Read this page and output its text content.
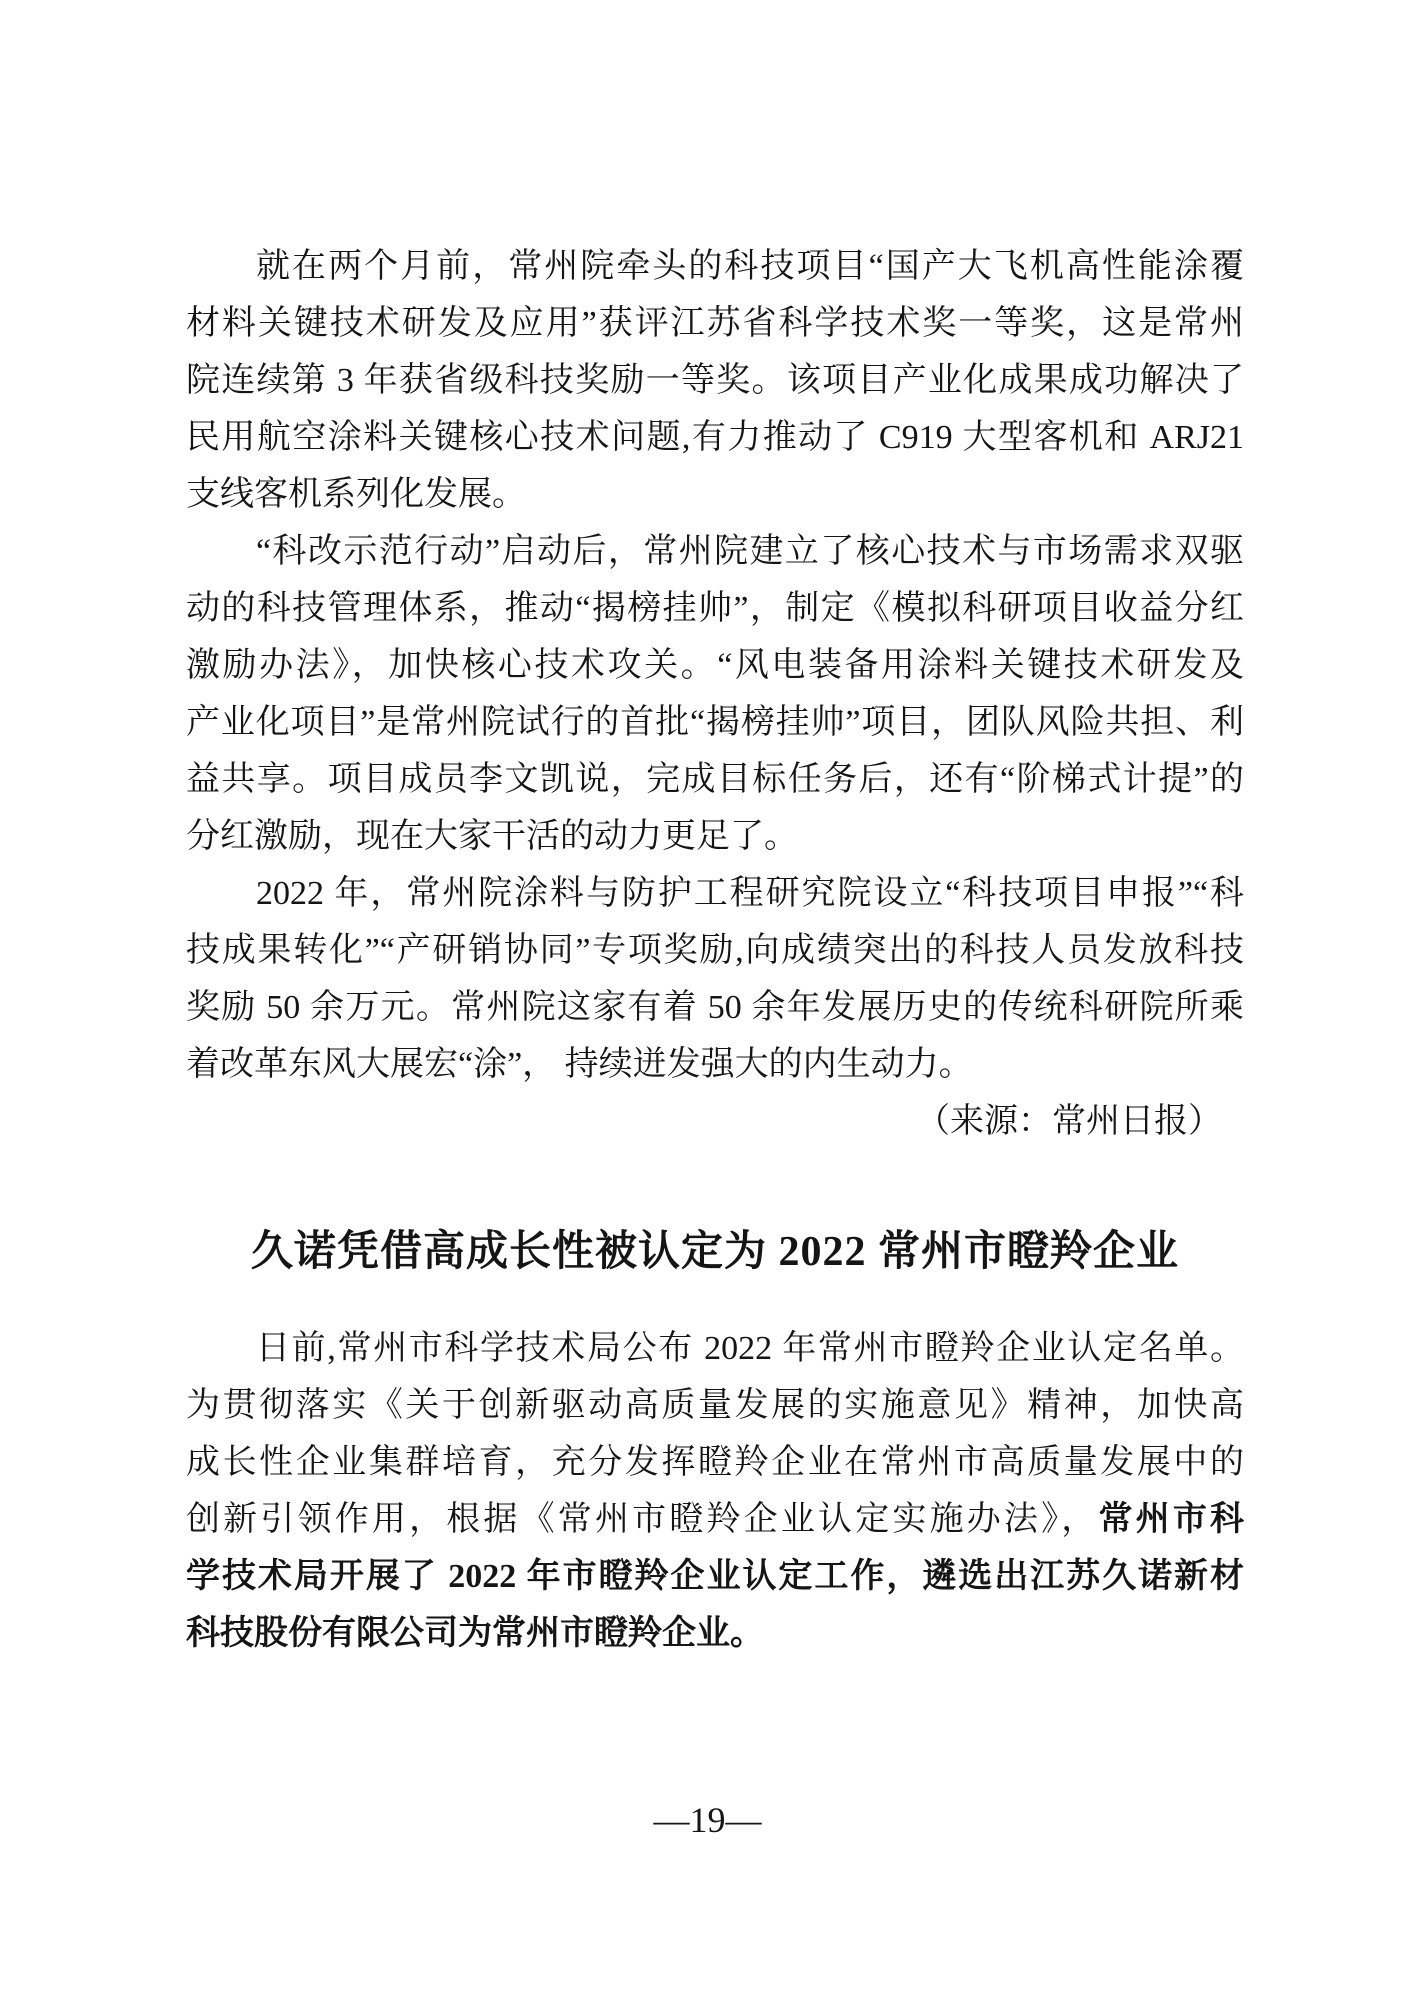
就在两个月前，常州院牵头的科技项目“国产大飞机高性能涂覆
材料关键技术研发及应用”获评江苏省科学技术奖一等奖，这是常州
院连续第 3 年获省级科技奖励一等奖。该项目产业化成果成功解决了
民用航空涂料关键核心技术问题,有力推动了 C919 大型客机和 ARJ21
支线客机系列化发展。
“科改示范行动”启动后，常州院建立了核心技术与市场需求双驱
动的科技管理体系，推动“揭榜挂帅”，制定《模拟科研项目收益分红
激励办法》，加快核心技术攻关。“风电装备用涂料关键技术研发及
产业化项目”是常州院试行的首批“揭榜挂帅”项目，团队风险共担、利
益共享。项目成员李文凯说，完成目标任务后，还有“阶梯式计提”的
分红激励，现在大家干活的动力更足了。
2022 年，常州院涂料与防护工程研究院设立“科技项目申报”“科
技成果转化”“产研销协同”专项奖励,向成绩突出的科技人员发放科技
奖励 50 余万元。常州院这家有着 50 余年发展历史的传统科研院所乘
着改革东风大展宏“涂”， 持续迸发强大的内生动力。
（来源：常州日报）
久诺凭借高成长性被认定为 2022 常州市瞪羚企业
日前,常州市科学技术局公布 2022 年常州市瞪羚企业认定名单。
为贯彻落实《关于创新驱动高质量发展的实施意见》精神，加快高
成长性企业集群培育，充分发挥瞪羚企业在常州市高质量发展中的
创新引领作用，根据《常州市瞪羚企业认定实施办法》，常州市科
学技术局开展了 2022 年市瞪羚企业认定工作，遴选出江苏久诺新材
科技股份有限公司为常州市瞪羚企业。
—19—
